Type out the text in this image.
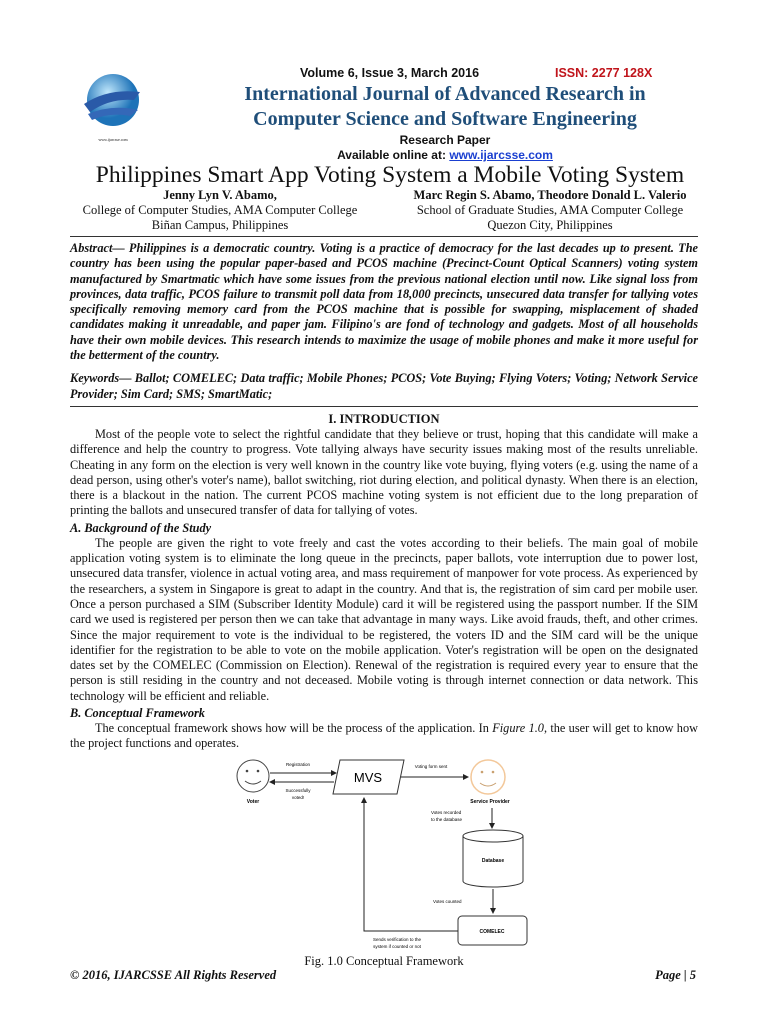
www.ijarcsse.com
Volume 6, Issue 3, March 2016	ISSN: 2277 128X
International Journal of Advanced Research in
Computer Science and Software Engineering
Research Paper
Available online at: www.ijarcsse.com
Philippines Smart App Voting System a Mobile Voting System
Jenny Lyn V. Abamo,
College of Computer Studies, AMA Computer College
Biñan Campus, Philippines
Marc Regin S. Abamo, Theodore Donald L. Valerio
School of Graduate Studies, AMA Computer College
Quezon City, Philippines
Abstract— Philippines is a democratic country. Voting is a practice of democracy for the last decades up to present. The country has been using the popular paper-based and PCOS machine (Precinct-Count Optical Scanners) voting system manufactured by Smartmatic which have some issues from the previous national election until now. Like signal loss from provinces, data traffic, PCOS failure to transmit poll data from 18,000 precincts, unsecured data transfer for tallying votes specifically removing memory card from the PCOS machine that is possible for swapping, misplacement of shaded candidates making it unreadable, and paper jam. Filipino's are fond of technology and gadgets. Most of all households have their own mobile devices. This research intends to maximize the usage of mobile phones and make it more useful for the betterment of the country.
Keywords— Ballot; COMELEC; Data traffic; Mobile Phones; PCOS; Vote Buying; Flying Voters; Voting; Network Service Provider; Sim Card; SMS; SmartMatic;
I. INTRODUCTION

Most of the people vote to select the rightful candidate that they believe or trust, hoping that this candidate will make a difference and help the country to progress. Vote tallying always have security issues making most of the results unreliable. Cheating in any form on the election is very well known in the country like vote buying, flying voters (e.g. using the name of a dead person, using other's voter's name), ballot switching, riot during election, and political dynasty. When there is an election, there is a blackout in the nation. The current PCOS machine voting system is not efficient due to the long preparation of printing the ballots and unsecured transfer of data for tallying of votes.

A. Background of the Study

The people are given the right to vote freely and cast the votes according to their beliefs. The main goal of mobile application voting system is to eliminate the long queue in the precincts, paper ballots, vote interruption due to power lost, unsecured data transfer, violence in actual voting area, and mass requirement of manpower for vote process. As experienced by the researchers, a system in Singapore is great to adapt in the country. And that is, the registration of sim card per mobile user. Once a person purchased a SIM (Subscriber Identity Module) card it will be registered using the passport number. If the SIM card we used is registered per person then we can take that advantage in many ways. Like avoid frauds, theft, and other crimes. Since the major requirement to vote is the individual to be registered, the voters ID and the SIM card will be the unique identifier for the registration to be able to vote on the mobile application. Voter's registration will be open on the designated dates set by the COMELEC (Commission on Election). Renewal of the registration is required every year to ensure that the person is still residing in the country and not deceased. Mobile voting is through internet connection or data network. This technology will be efficient and reliable.

B. Conceptual Framework

The conceptual framework shows how will be the process of the application. In Figure 1.0, the user will get to know how the project functions and operates.

Voter
MVS
Registration
Successfully
voted!
Voting form sent
Service Provider
Votes recorded
to the database
Database
Votes counted
COMELEC
Sends verification to the
system if counted or not
Fig. 1.0 Conceptual Framework
© 2016, IJARCSSE All Rights Reserved	Page | 5
